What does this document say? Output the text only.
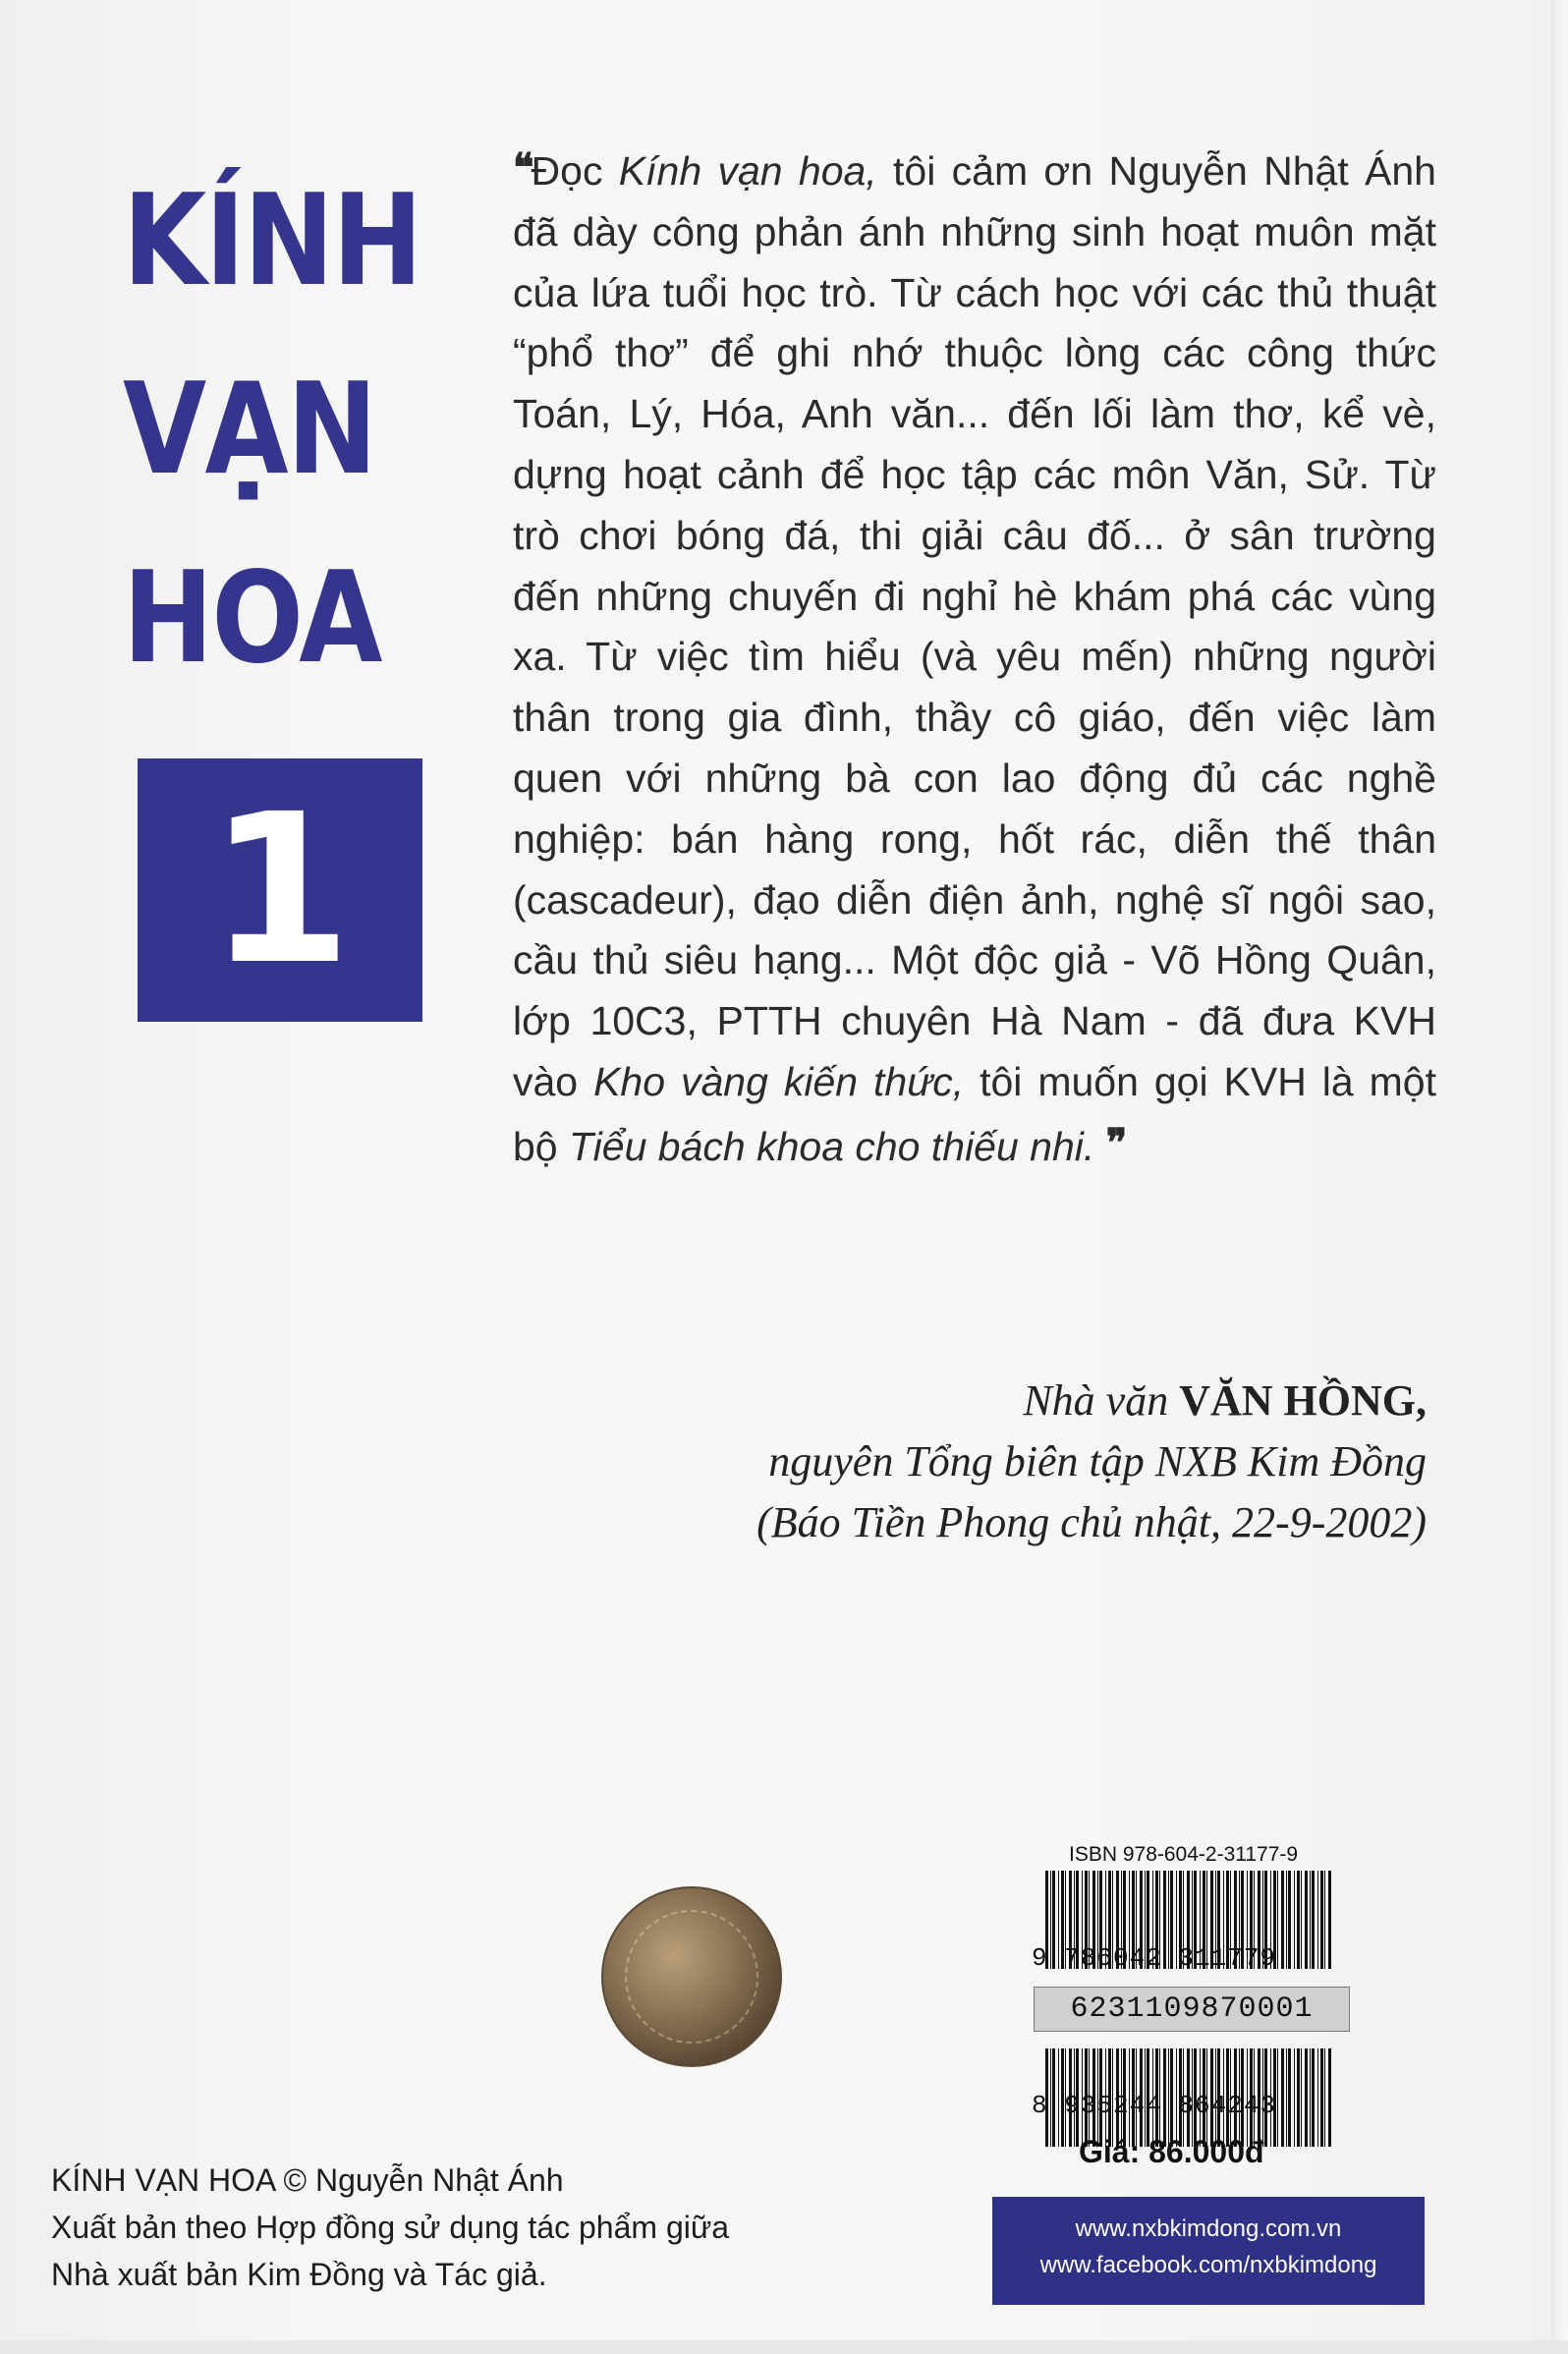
KÍNH
VẠN
HOA
1

❝Đọc Kính vạn hoa, tôi cảm ơn Nguyễn Nhật Ánh đã dày công phản ánh những sinh hoạt muôn mặt của lứa tuổi học trò. Từ cách học với các thủ thuật “phổ thơ” để ghi nhớ thuộc lòng các công thức Toán, Lý, Hóa, Anh văn... đến lối làm thơ, kể vè, dựng hoạt cảnh để học tập các môn Văn, Sử. Từ trò chơi bóng đá, thi giải câu đố... ở sân trường đến những chuyến đi nghỉ hè khám phá các vùng xa. Từ việc tìm hiểu (và yêu mến) những người thân trong gia đình, thầy cô giáo, đến việc làm quen với những bà con lao động đủ các nghề nghiệp: bán hàng rong, hốt rác, diễn thế thân (cascadeur), đạo diễn điện ảnh, nghệ sĩ ngôi sao, cầu thủ siêu hạng... Một độc giả - Võ Hồng Quân, lớp 10C3, PTTH chuyên Hà Nam - đã đưa KVH vào Kho vàng kiến thức, tôi muốn gọi KVH là một bộ Tiểu bách khoa cho thiếu nhi. ❞

Nhà văn VĂN HỒNG,
nguyên Tổng biên tập NXB Kim Đồng
(Báo Tiền Phong chủ nhật, 22-9-2002)
ISBN 978-604-2-31177-9
9 786042 311779
6231109870001
8 935244 864243
Giá: 86.000đ
www.nxbkimdong.com.vn
www.facebook.com/nxbkimdong
KÍNH VẠN HOA © Nguyễn Nhật Ánh
Xuất bản theo Hợp đồng sử dụng tác phẩm giữa
Nhà xuất bản Kim Đồng và Tác giả.
